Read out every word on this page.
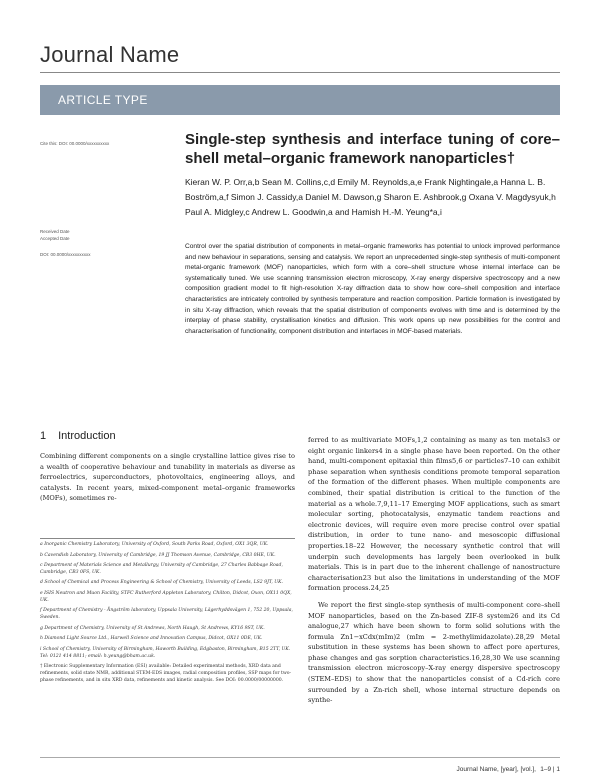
Journal Name
ARTICLE TYPE
Cite this: DOI: 00.0000/xxxxxxxxxx
Received Date
Accepted Date
DOI: 00.0000/xxxxxxxxxx
Single-step synthesis and interface tuning of core–shell metal–organic framework nanoparticles†
Kieran W. P. Orr,a,b Sean M. Collins,c,d Emily M. Reynolds,a,e Frank Nightingale,a Hanna L. B. Boström,a,f Simon J. Cassidy,a Daniel M. Dawson,g Sharon E. Ashbrook,g Oxana V. Magdysyuk,h Paul A. Midgley,c Andrew L. Goodwin,a and Hamish H.-M. Yeung*a,i
Control over the spatial distribution of components in metal–organic frameworks has potential to unlock improved performance and new behaviour in separations, sensing and catalysis. We report an unprecedented single-step synthesis of multi-component metal-organic framework (MOF) nanoparticles, which form with a core–shell structure whose internal interface can be systematically tuned. We use scanning transmission electron microscopy, X-ray energy dispersive spectroscopy and a new composition gradient model to fit high-resolution X-ray diffraction data to show how core–shell composition and interface characteristics are intricately controlled by synthesis temperature and reaction composition. Particle formation is investigated by in situ X-ray diffraction, which reveals that the spatial distribution of components evolves with time and is determined by the interplay of phase stability, crystallisation kinetics and diffusion. This work opens up new possibilities for the control and characterisation of functionality, component distribution and interfaces in MOF-based materials.
1 Introduction

Combining different components on a single crystalline lattice gives rise to a wealth of cooperative behaviour and tunability in materials as diverse as ferroelectrics, superconductors, photovoltaics, engineering alloys, and catalysts. In recent years, mixed-component metal–organic frameworks (MOFs), sometimes re-

a Inorganic Chemistry Laboratory, University of Oxford, South Parks Road, Oxford, OX1 3QR, UK.
b Cavendish Laboratory, University of Cambridge, 19 JJ Thomson Avenue, Cambridge, CB3 0HE, UK.
c Department of Materials Science and Metallurgy, University of Cambridge, 27 Charles Babbage Road, Cambridge, CB3 0FS, UK.
d School of Chemical and Process Engineering & School of Chemistry, University of Leeds, LS2 9JT, UK.
e ISIS Neutron and Muon Facility, STFC Rutherford Appleton Laboratory, Chilton, Didcot, Oxon, OX11 0QX, UK.
f Department of Chemistry - Ångström laboratory, Uppsala University, Lägerhyddsvägen 1, 752 20, Uppsala, Sweden.
g Department of Chemistry, University of St Andrews, North Haugh, St Andrews, KY16 9ST, UK.
h Diamond Light Source Ltd., Harwell Science and Innovation Campus, Didcot, OX11 0DE, UK.
i School of Chemistry, University of Birmingham, Haworth Building, Edgbaston, Birmingham, B15 2TT, UK. Tel: 0121 414 8811; email: h.yeung@bham.ac.uk.
† Electronic Supplementary Information (ESI) available: Detailed experimental methods, XRD data and refinements, solid state NMR, additional STEM-EDS images, radial composition profiles, SSP maps for two-phase refinements, and in situ XRD data, refinements and kinetic analysis. See DOI: 00.0000/00000000.

ferred to as multivariate MOFs,1,2 containing as many as ten metals3 or eight organic linkers4 in a single phase have been reported. On the other hand, multi-component epitaxial thin films5,6 or particles7–10 can exhibit phase separation when synthesis conditions promote temporal separation of the formation of the different phases. When multiple components are combined, their spatial distribution is critical to the function of the material as a whole.7,9,11–17 Emerging MOF applications, such as smart molecular sorting, photocatalysis, enzymatic tandem reactions and electronic devices, will require even more precise control over spatial distribution, in order to tune nano- and mesoscopic diffusional properties.18–22 However, the necessary synthetic control that will underpin such developments has largely been overlooked in bulk materials. This is in part due to the inherent challenge of nanostructure characterisation23 but also the limitations in understanding of the MOF formation process.24,25

We report the first single-step synthesis of multi-component core–shell MOF nanoparticles, based on the Zn-based ZIF-8 system26 and its Cd analogue,27 which have been shown to form solid solutions with the formula Zn1−xCdx(mIm)2 (mIm = 2-methylimidazolate).28,29 Metal substitution in these systems has been shown to affect pore apertures, phase changes and gas sorption characteristics.16,28,30 We use scanning transmission electron microscopy–X-ray energy dispersive spectroscopy (STEM–EDS) to show that the nanoparticles consist of a Cd-rich core surrounded by a Zn-rich shell, whose internal structure depends on synthe-

Journal Name, [year], [vol.], 1–9 | 1
